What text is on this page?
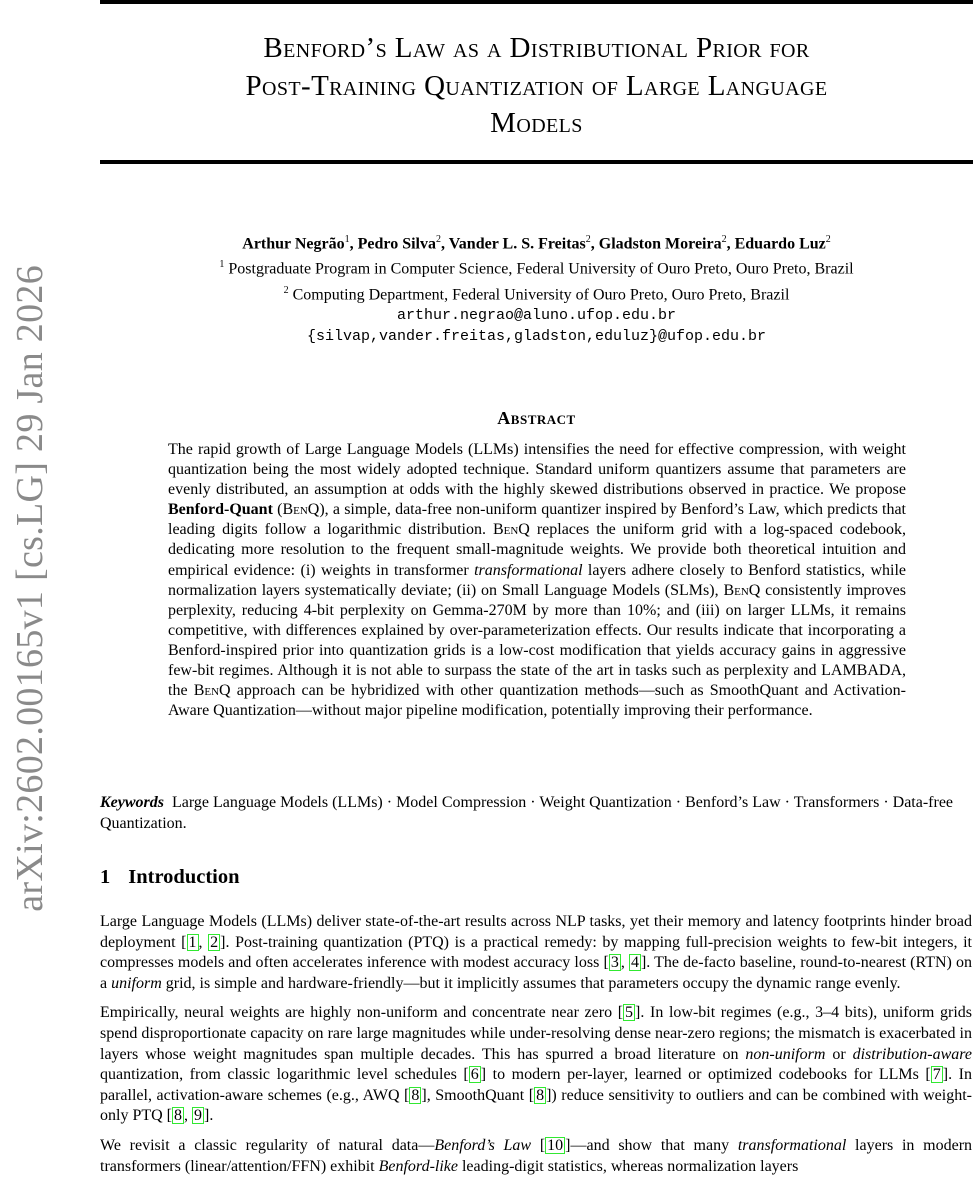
arXiv:2602.00165v1 [cs.LG] 29 Jan 2026
Benford’s Law as a Distributional Prior for
Post-Training Quantization of Large Language
Models
Arthur Negrão$^1$, Pedro Silva$^2$, Vander L. S. Freitas$^2$, Gladston Moreira$^2$, Eduardo Luz$^2$
$^1$ Postgraduate Program in Computer Science, Federal University of Ouro Preto, Ouro Preto, Brazil
$^2$ Computing Department, Federal University of Ouro Preto, Ouro Preto, Brazil
arthur.negrao@aluno.ufop.edu.br
{silvap,vander.freitas,gladston,eduluz}@ufop.edu.br
Abstract
The rapid growth of Large Language Models (LLMs) intensifies the need for effective compression, with weight quantization being the most widely adopted technique. Standard uniform quantizers assume that parameters are evenly distributed, an assumption at odds with the highly skewed distributions observed in practice. We propose Benford-Quant (BenQ), a simple, data-free non-uniform quantizer inspired by Benford’s Law, which predicts that leading digits follow a logarithmic distribution. BenQ replaces the uniform grid with a log-spaced codebook, dedicating more resolution to the frequent small-magnitude weights. We provide both theoretical intuition and empirical evidence: (i) weights in transformer transformational layers adhere closely to Benford statistics, while normalization layers systematically deviate; (ii) on Small Language Models (SLMs), BenQ consistently improves perplexity, reducing 4-bit perplexity on Gemma-270M by more than 10%; and (iii) on larger LLMs, it remains competitive, with differences explained by over-parameterization effects. Our results indicate that incorporating a Benford-inspired prior into quantization grids is a low-cost modification that yields accuracy gains in aggressive few-bit regimes. Although it is not able to surpass the state of the art in tasks such as perplexity and LAMBADA, the BenQ approach can be hybridized with other quantization methods—such as SmoothQuant and Activation-Aware Quantization—without major pipeline modification, potentially improving their performance.
Keywords Large Language Models (LLMs) · Model Compression · Weight Quantization · Benford’s Law · Transformers · Data-free Quantization.
1 Introduction

Large Language Models (LLMs) deliver state-of-the-art results across NLP tasks, yet their memory and latency footprints hinder broad deployment [ 1 , 2 ]. Post-training quantization (PTQ) is a practical remedy: by mapping full-precision weights to few-bit integers, it compresses models and often accelerates inference with modest accuracy loss [ 3 , 4 ]. The de-facto baseline, round-to-nearest (RTN) on a uniform grid, is simple and hardware-friendly—but it implicitly assumes that parameters occupy the dynamic range evenly.

Empirically, neural weights are highly non-uniform and concentrate near zero [ 5 ]. In low-bit regimes (e.g., 3–4 bits), uniform grids spend disproportionate capacity on rare large magnitudes while under-resolving dense near-zero regions; the mismatch is exacerbated in layers whose weight magnitudes span multiple decades. This has spurred a broad literature on non-uniform or distribution-aware quantization, from classic logarithmic level schedules [ 6 ] to modern per-layer, learned or optimized codebooks for LLMs [ 7 ]. In parallel, activation-aware schemes (e.g., AWQ [ 8 ], SmoothQuant [ 8 ]) reduce sensitivity to outliers and can be combined with weight-only PTQ [ 8 , 9 ].

We revisit a classic regularity of natural data—Benford’s Law [ 10 ]—and show that many transformational layers in modern transformers (linear/attention/FFN) exhibit Benford-like leading-digit statistics, whereas normalization layers
